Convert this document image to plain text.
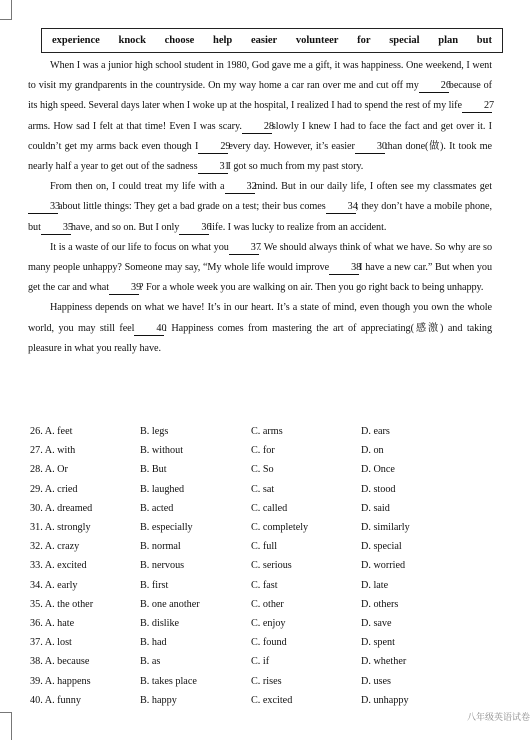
experience knock choose help easier volunteer for special plan but

When I was a junior high school student in 1980, God gave me a gift, it was happiness. One weekend, I went to visit my grandparents in the countryside. On my way home a car ran over me and cut off my 26because of its high speed. Several days later when I woke up at the hospital, I realized I had to spend the rest of my life 27arms. How sad I felt at that time! Even I was scary. 28slowly I knew I had to face the fact and get over it. I couldn’t get my arms back even though I 29every day. However, it’s easier 30than done(做). It took me nearly half a year to get out of the sadness 31I got so much from my past story.

From then on, I could treat my life with a 32mind. But in our daily life, I often see my classmates get33about little things: They get a bad grade on a test; their bus comes 34; they don’t have a mobile phone, but 35have, and so on. But I only 36life. I was lucky to realize from an accident.

It is a waste of our life to focus on what you 37. We should always think of what we have. So why are so many people unhappy? Someone may say, “My whole life would improve 38I have a new car.” But when you get the car and what 39? For a whole week you are walking on air. Then you go right back to being unhappy.

Happiness depends on what we have! It’s in our heart. It’s a state of mind, even though you own the whole world, you may still feel 40. Happiness comes from mastering the art of appreciating(感激) and taking pleasure in what you really have.

26. A. feet	B. legs	C. arms	D. ears
27. A. with	B. without	C. for	D. on
28. A. Or	B. But	C. So	D. Once
29. A. cried	B. laughed	C. sat	D. stood
30. A. dreamed	B. acted	C. called	D. said
31. A. strongly	B. especially	C. completely	D. similarly
32. A. crazy	B. normal	C. full	D. special
33. A. excited	B. nervous	C. serious	D. worried
34. A. early	B. first	C. fast	D. late
35. A. the other	B. one another	C. other	D. others
36. A. hate	B. dislike	C. enjoy	D. save
37. A. lost	B. had	C. found	D. spent
38. A. because	B. as	C. if	D. whether
39. A. happens	B. takes place	C. rises	D. uses
40. A. funny	B. happy	C. excited	D. unhappy
八年级英语试卷
